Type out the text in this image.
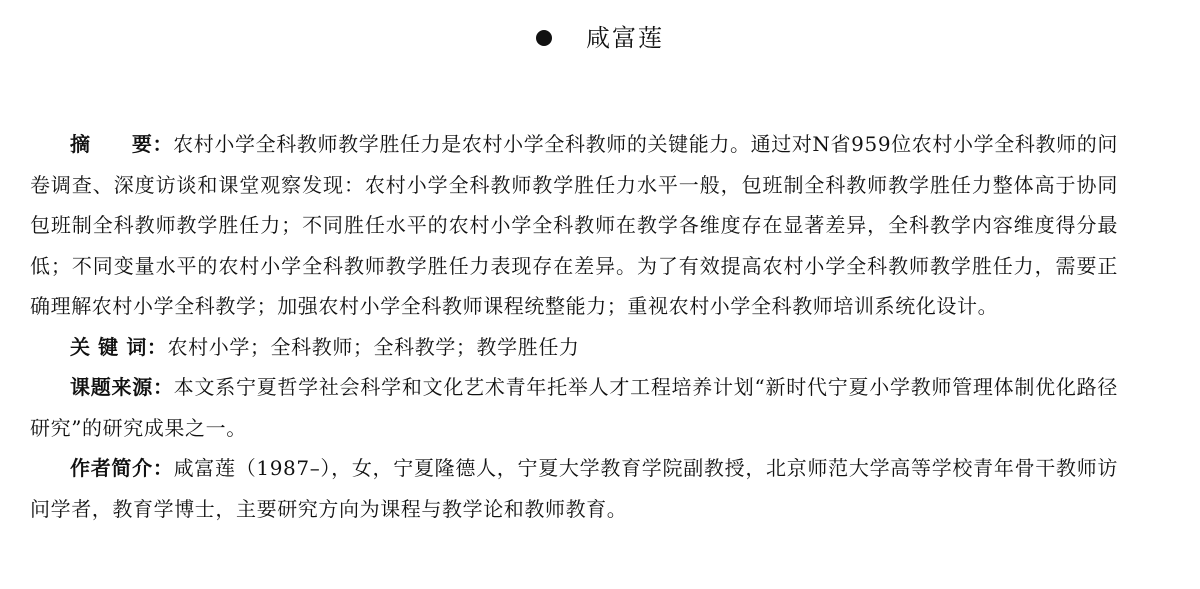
咸富莲

摘　　要：农村小学全科教师教学胜任力是农村小学全科教师的关键能力。通过对N省959位农村小学全科教师的问卷调查、深度访谈和课堂观察发现：农村小学全科教师教学胜任力水平一般，包班制全科教师教学胜任力整体高于协同包班制全科教师教学胜任力；不同胜任水平的农村小学全科教师在教学各维度存在显著差异，全科教学内容维度得分最低；不同变量水平的农村小学全科教师教学胜任力表现存在差异。为了有效提高农村小学全科教师教学胜任力，需要正确理解农村小学全科教学；加强农村小学全科教师课程统整能力；重视农村小学全科教师培训系统化设计。

关 键 词：农村小学；全科教师；全科教学；教学胜任力

课题来源：本文系宁夏哲学社会科学和文化艺术青年托举人才工程培养计划“新时代宁夏小学教师管理体制优化路径研究”的研究成果之一。

作者简介：咸富莲（1987–），女，宁夏隆德人，宁夏大学教育学院副教授，北京师范大学高等学校青年骨干教师访问学者，教育学博士，主要研究方向为课程与教学论和教师教育。
